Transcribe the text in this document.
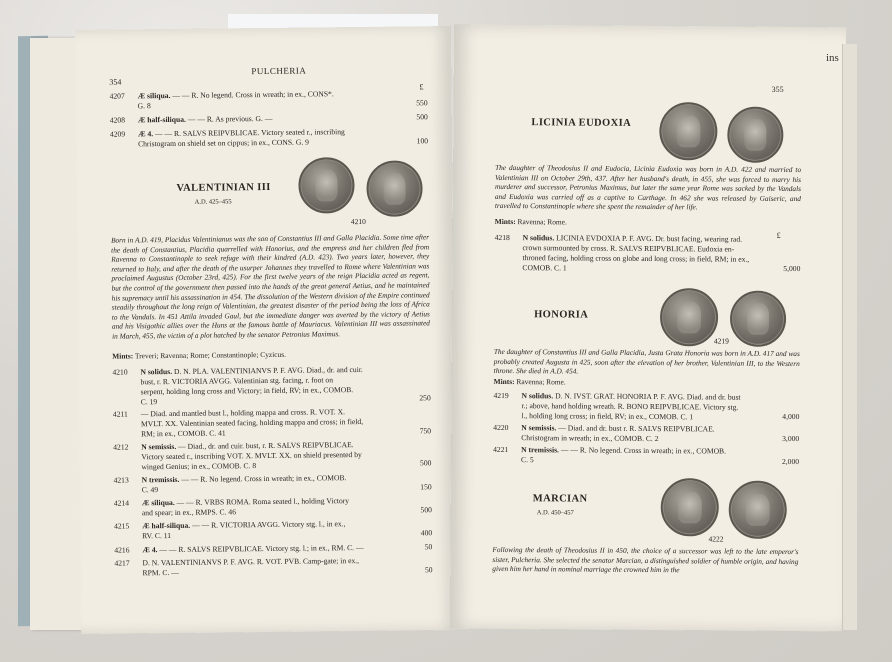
354
PULCHERIA
£
4207 Æ siliqua. — — R. No legend. Cross in wreath; in ex., CONS*.
G. 8	550
4208 Æ half-siliqua. — — R. As previous. G. —	500
4209 Æ 4. — — R. SALVS REIPVBLICAE. Victory seated r., inscribing
Christogram on shield set on cippus; in ex., CONS. G. 9	100
4210
VALENTINIAN III
A.D. 425–455
Born in A.D. 419, Placidus Valentinianus was the son of Constantius III and Galla Placidia. Some time after the death of Constantius, Placidia quarrelled with Honorius, and the empress and her children fled from Ravenna to Constantinople to seek refuge with their kindred (A.D. 423). Two years later, however, they returned to Italy, and after the death of the usurper Johannes they travelled to Rome where Valentinian was proclaimed Augustus (October 23rd, 425). For the first twelve years of the reign Placidia acted as regent, but the control of the government then passed into the hands of the great general Aetius, and he maintained his supremacy until his assassination in 454. The dissolution of the Western division of the Empire continued steadily throughout the long reign of Valentinian, the greatest disaster of the period being the loss of Africa to the Vandals. In 451 Attila invaded Gaul, but the immediate danger was averted by the victory of Aetius and his Visigothic allies over the Huns at the famous battle of Mauriacus. Valentinian III was assassinated in March, 455, the victim of a plot hatched by the senator Petronius Maximus.
Mints: Treveri; Ravenna; Rome; Constantinople; Cyzicus.
4210 N solidus. D. N. PLA. VALENTINIANVS P. F. AVG. Diad., dr. and cuir.
bust, r. R. VICTORIA AVGG. Valentinian stg. facing, r. foot on
serpent, holding long cross and Victory; in field, RV; in ex., COMOB.
C. 19	250
4211 — Diad. and mantled bust l., holding mappa and cross. R. VOT. X.
MVLT. XX. Valentinian seated facing, holding mappa and cross; in field,
RM; in ex., COMOB. C. 41	750
4212 N semissis. — Diad., dr. and cuir. bust, r. R. SALVS REIPVBLICAE.
Victory seated r., inscribing VOT. X. MVLT. XX. on shield presented by
winged Genius; in ex., COMOB. C. 8	500
4213 N tremissis. — — R. No legend. Cross in wreath; in ex., COMOB.
C. 49	150
4214 Æ siliqua. — — R. VRBS ROMA. Roma seated l., holding Victory
and spear; in ex., RMPS. C. 46	500
4215 Æ half-siliqua. — — R. VICTORIA AVGG. Victory stg. l., in ex.,
RV. C. 11	400
4216 Æ 4. — — R. SALVS REIPVBLICAE. Victory stg. l.; in ex., RM. C. —	50
4217 D. N. VALENTINIANVS P. F. AVG. R. VOT. PVB. Camp-gate; in ex.,
RPM. C. —	50
355
LICINIA EUDOXIA
The daughter of Theodosius II and Eudocia, Licinia Eudoxia was born in A.D. 422 and married to Valentinian III on October 29th, 437. After her husband's death, in 455, she was forced to marry his murderer and successor, Petronius Maximus, but later the same year Rome was sacked by the Vandals and Eudoxia was carried off as a captive to Carthage. In 462 she was released by Gaiseric, and travelled to Constantinople where she spent the remainder of her life.
Mints: Ravenna; Rome.
£
4218 N solidus. LICINIA EVDOXIA P. F. AVG. Dr. bust facing, wearing rad.
crown surmounted by cross. R. SALVS REIPVBLICAE. Eudoxia en-
throned facing, holding cross on globe and long cross; in field, RM; in ex.,
COMOB. C. 1	5,000
4219
HONORIA
The daughter of Constantius III and Galla Placidia, Justa Grata Honoria was born in A.D. 417 and was probably created Augusta in 425, soon after the elevation of her brother, Valentinian III, to the Western throne. She died in A.D. 454.
Mints: Ravenna; Rome.
4219 N solidus. D. N. IVST. GRAT. HONORIA P. F. AVG. Diad. and dr. bust
r.; above, hand holding wreath. R. BONO REIPVBLICAE. Victory stg.
l., holding long cross; in field, RV; in ex., COMOB. C. 1	4,000
4220 N semissis. — Diad. and dr. bust r. R. SALVS REIPVBLICAE.
Christogram in wreath; in ex., COMOB. C. 2	3,000
4221 N tremissis. — — R. No legend. Cross in wreath; in ex., COMOB.
C. 5	2,000
4222
MARCIAN
A.D. 450–457
Following the death of Theodosius II in 450, the choice of a successor was left to the late emperor's sister, Pulcheria. She selected the senator Marcian, a distinguished soldier of humble origin, and having given him her hand in nominal marriage the crowned him in the
ins
